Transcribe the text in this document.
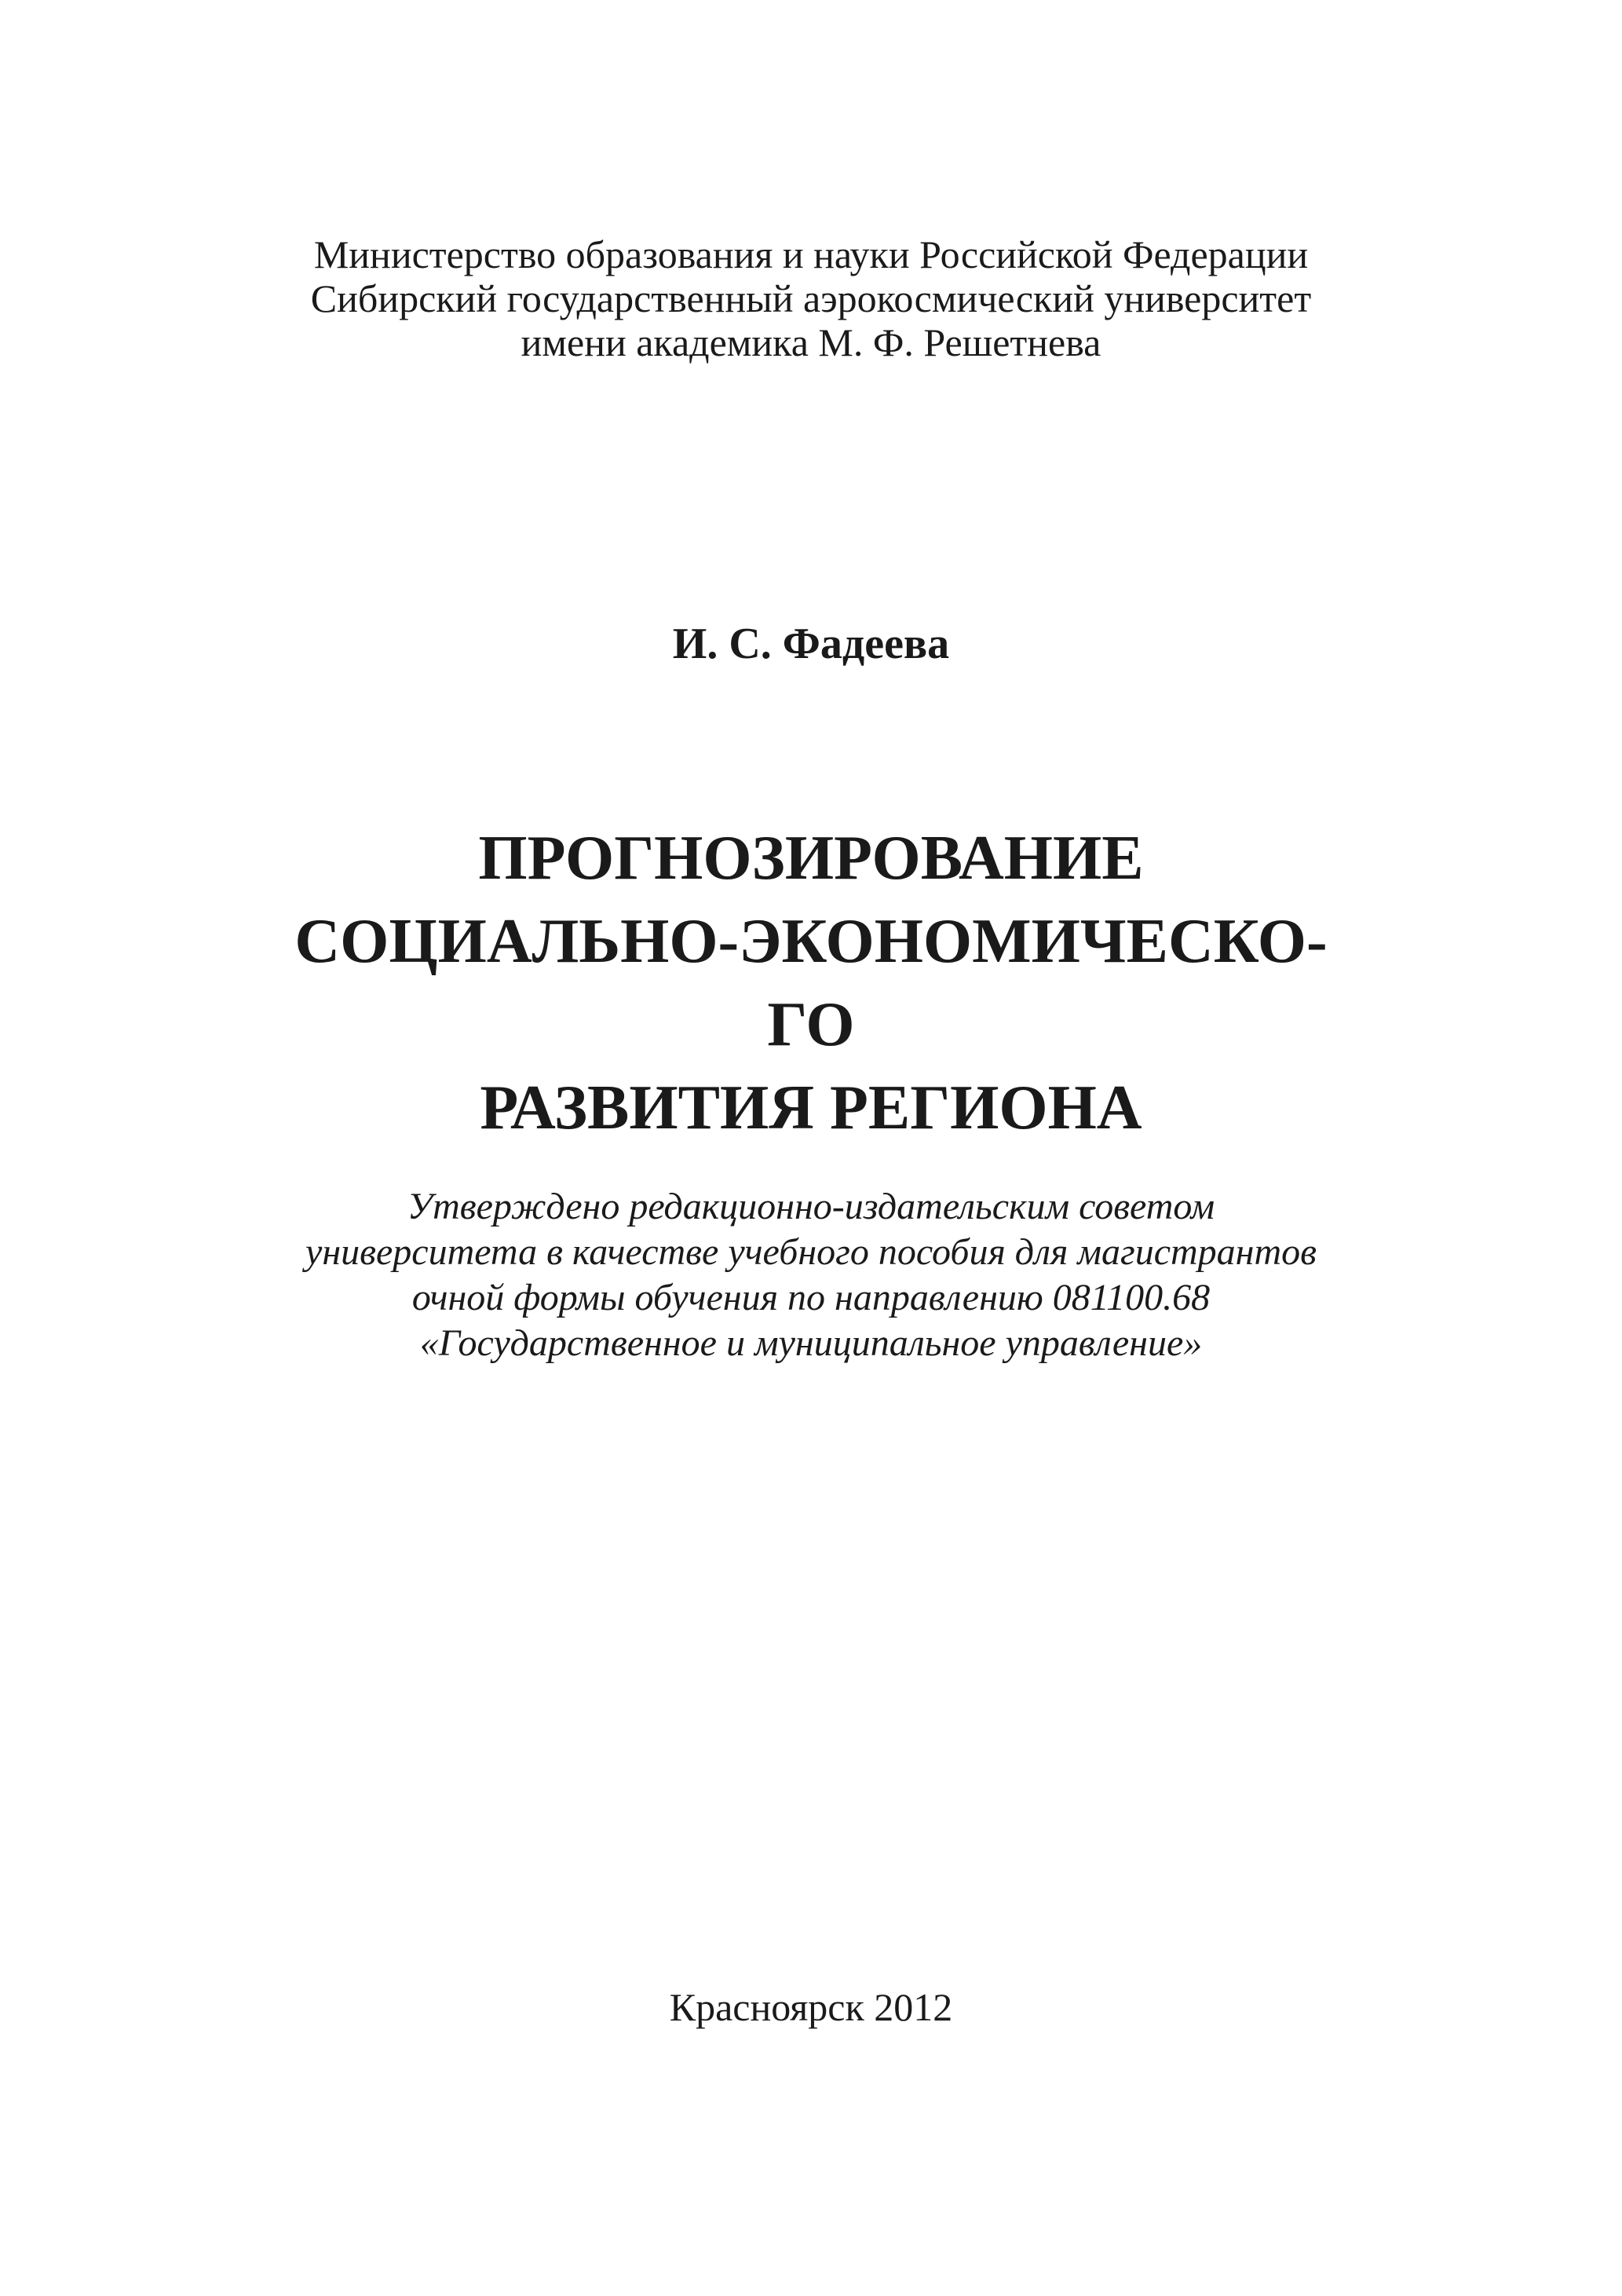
Министерство образования и науки Российской Федерации
Сибирский государственный аэрокосмический университет
имени академика М. Ф. Решетнева
И. С. Фадеева
ПРОГНОЗИРОВАНИЕ
СОЦИАЛЬНО-ЭКОНОМИЧЕСКО-
ГО
РАЗВИТИЯ РЕГИОНА
Утверждено редакционно-издательским советом
университета в качестве учебного пособия для магистрантов
очной формы обучения по направлению 081100.68
«Государственное и муниципальное управление»
Красноярск 2012
